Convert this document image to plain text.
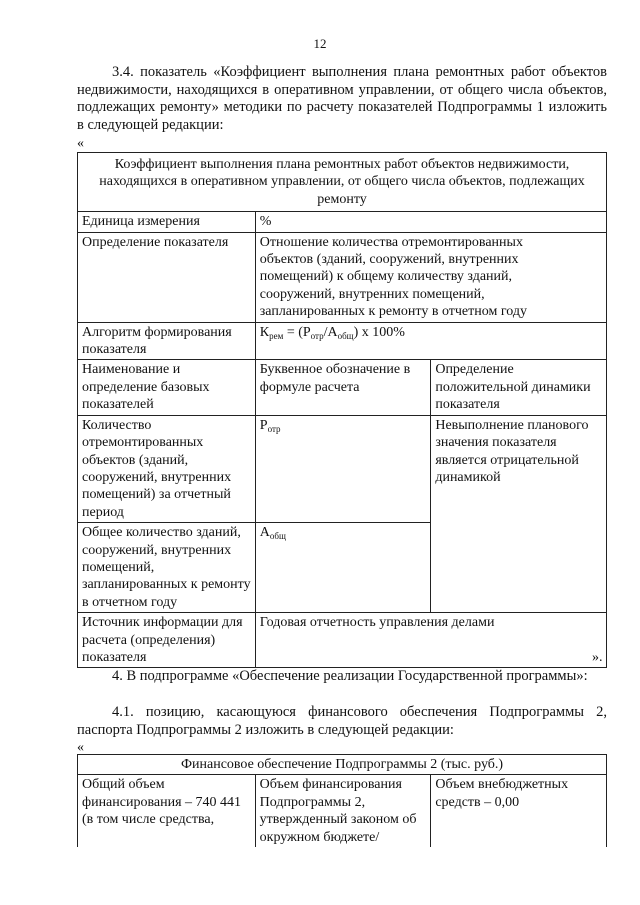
12

3.4. показатель «Коэффициент выполнения плана ремонтных работ объектов недвижимости, находящихся в оперативном управлении, от общего числа объектов, подлежащих ремонту» методики по расчету показателей Подпрограммы 1 изложить в следующей редакции:

«
Коэффициент выполнения плана ремонтных работ объектов недвижимости, находящихся в оперативном управлении, от общего числа объектов, подлежащих ремонту		
Единица измерения	%	
Определение показателя	Отношение количества отремонтированных объектов (зданий, сооружений, внутренних помещений) к общему количеству зданий, сооружений, внутренних помещений, запланированных к ремонту в отчетном году	
Алгоритм формирования показателя	$К_{рем} = (Р_{отр}/А_{общ})$ х 100%	
Наименование и определение базовых показателей	Буквенное обозначение в формуле расчета	Определение положительной динамики показателя
Количество отремонтированных объектов (зданий, сооружений, внутренних помещений) за отчетный период	$Р_{отр}$	Невыполнение планового значения показателя является отрицательной динамикой
Общее количество зданий, сооружений, внутренних помещений, запланированных к ремонту в отчетном году	$А_{общ}$
Источник информации для расчета (определения) показателя	Годовая отчетность управления делами	
».

4. В подпрограмме «Обеспечение реализации Государственной программы»:

4.1. позицию, касающуюся финансового обеспечения Подпрограммы 2, паспорта Подпрограммы 2 изложить в следующей редакции:

«
Финансовое обеспечение Подпрограммы 2 (тыс. руб.)
Общий объем финансирования – 740 441 (в том числе средства,	Объем финансирования Подпрограммы 2, утвержденный законом об окружном бюджете/	Объем внебюджетных средств – 0,00
